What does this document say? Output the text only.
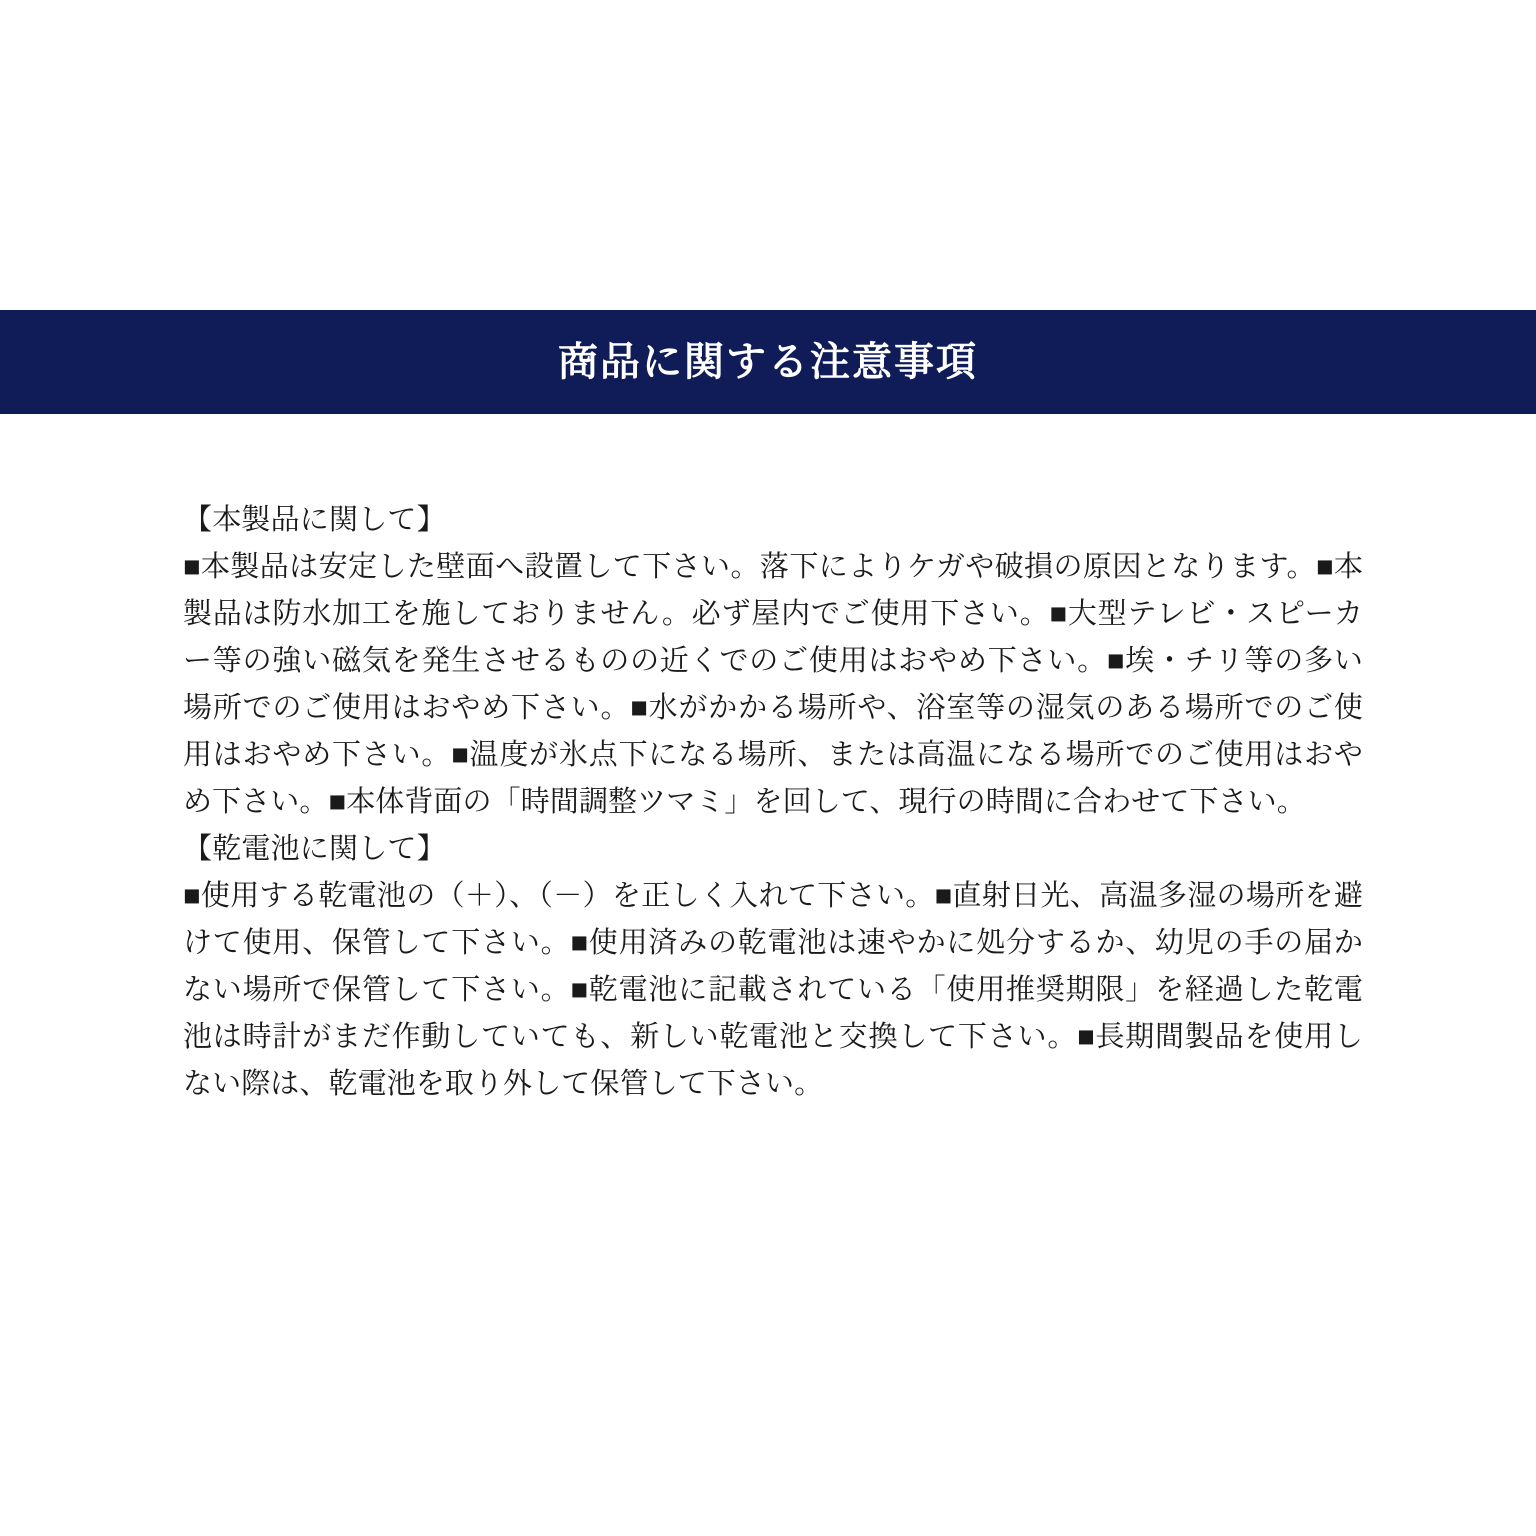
商品に関する注意事項
【本製品に関して】
■本製品は安定した壁面へ設置して下さい。落下によりケガや破損の原因となります。■本製品は防水加工を施しておりません。必ず屋内でご使用下さい。■大型テレビ・スピーカー等の強い磁気を発生させるものの近くでのご使用はおやめ下さい。■埃・チリ等の多い場所でのご使用はおやめ下さい。■水がかかる場所や、浴室等の湿気のある場所でのご使用はおやめ下さい。■温度が氷点下になる場所、または高温になる場所でのご使用はおやめ下さい。■本体背面の「時間調整ツマミ」を回して、現行の時間に合わせて下さい。
【乾電池に関して】
■使用する乾電池の（＋）、（－）を正しく入れて下さい。■直射日光、高温多湿の場所を避けて使用、保管して下さい。■使用済みの乾電池は速やかに処分するか、幼児の手の届かない場所で保管して下さい。■乾電池に記載されている「使用推奨期限」を経過した乾電池は時計がまだ作動していても、新しい乾電池と交換して下さい。■長期間製品を使用しない際は、乾電池を取り外して保管して下さい。
